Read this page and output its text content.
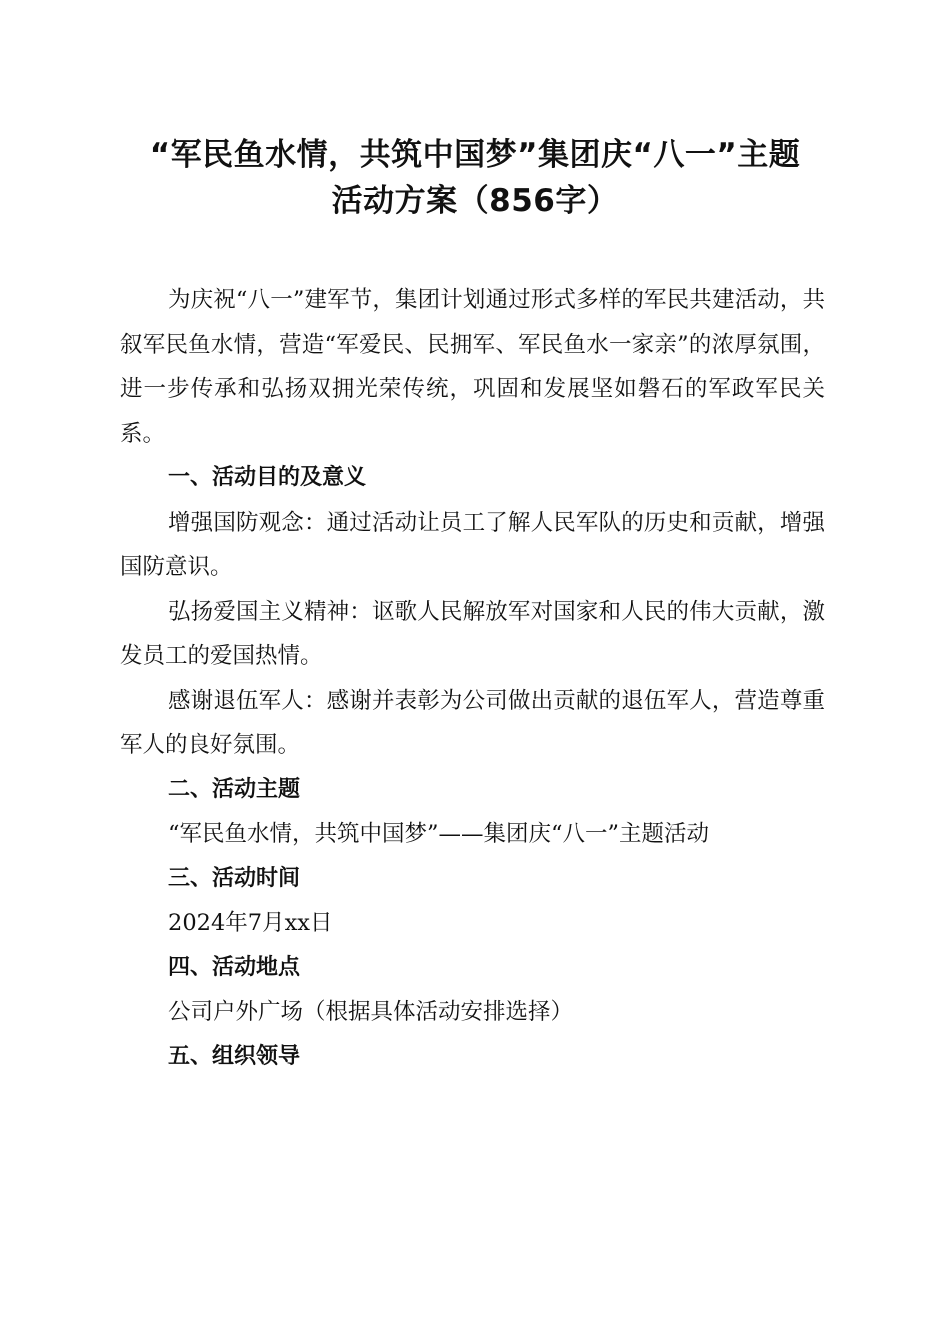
“军民鱼水情，共筑中国梦”集团庆“八一”主题活动方案（856字）

为庆祝“八一”建军节，集团计划通过形式多样的军民共建活动，共叙军民鱼水情，营造“军爱民、民拥军、军民鱼水一家亲”的浓厚氛围，进一步传承和弘扬双拥光荣传统，巩固和发展坚如磐石的军政军民关系。

一、活动目的及意义

增强国防观念：通过活动让员工了解人民军队的历史和贡献，增强国防意识。

弘扬爱国主义精神：讴歌人民解放军对国家和人民的伟大贡献，激发员工的爱国热情。

感谢退伍军人：感谢并表彰为公司做出贡献的退伍军人，营造尊重军人的良好氛围。

二、活动主题

“军民鱼水情，共筑中国梦”——集团庆“八一”主题活动

三、活动时间

2024年7月xx日

四、活动地点

公司户外广场（根据具体活动安排选择）

五、组织领导
